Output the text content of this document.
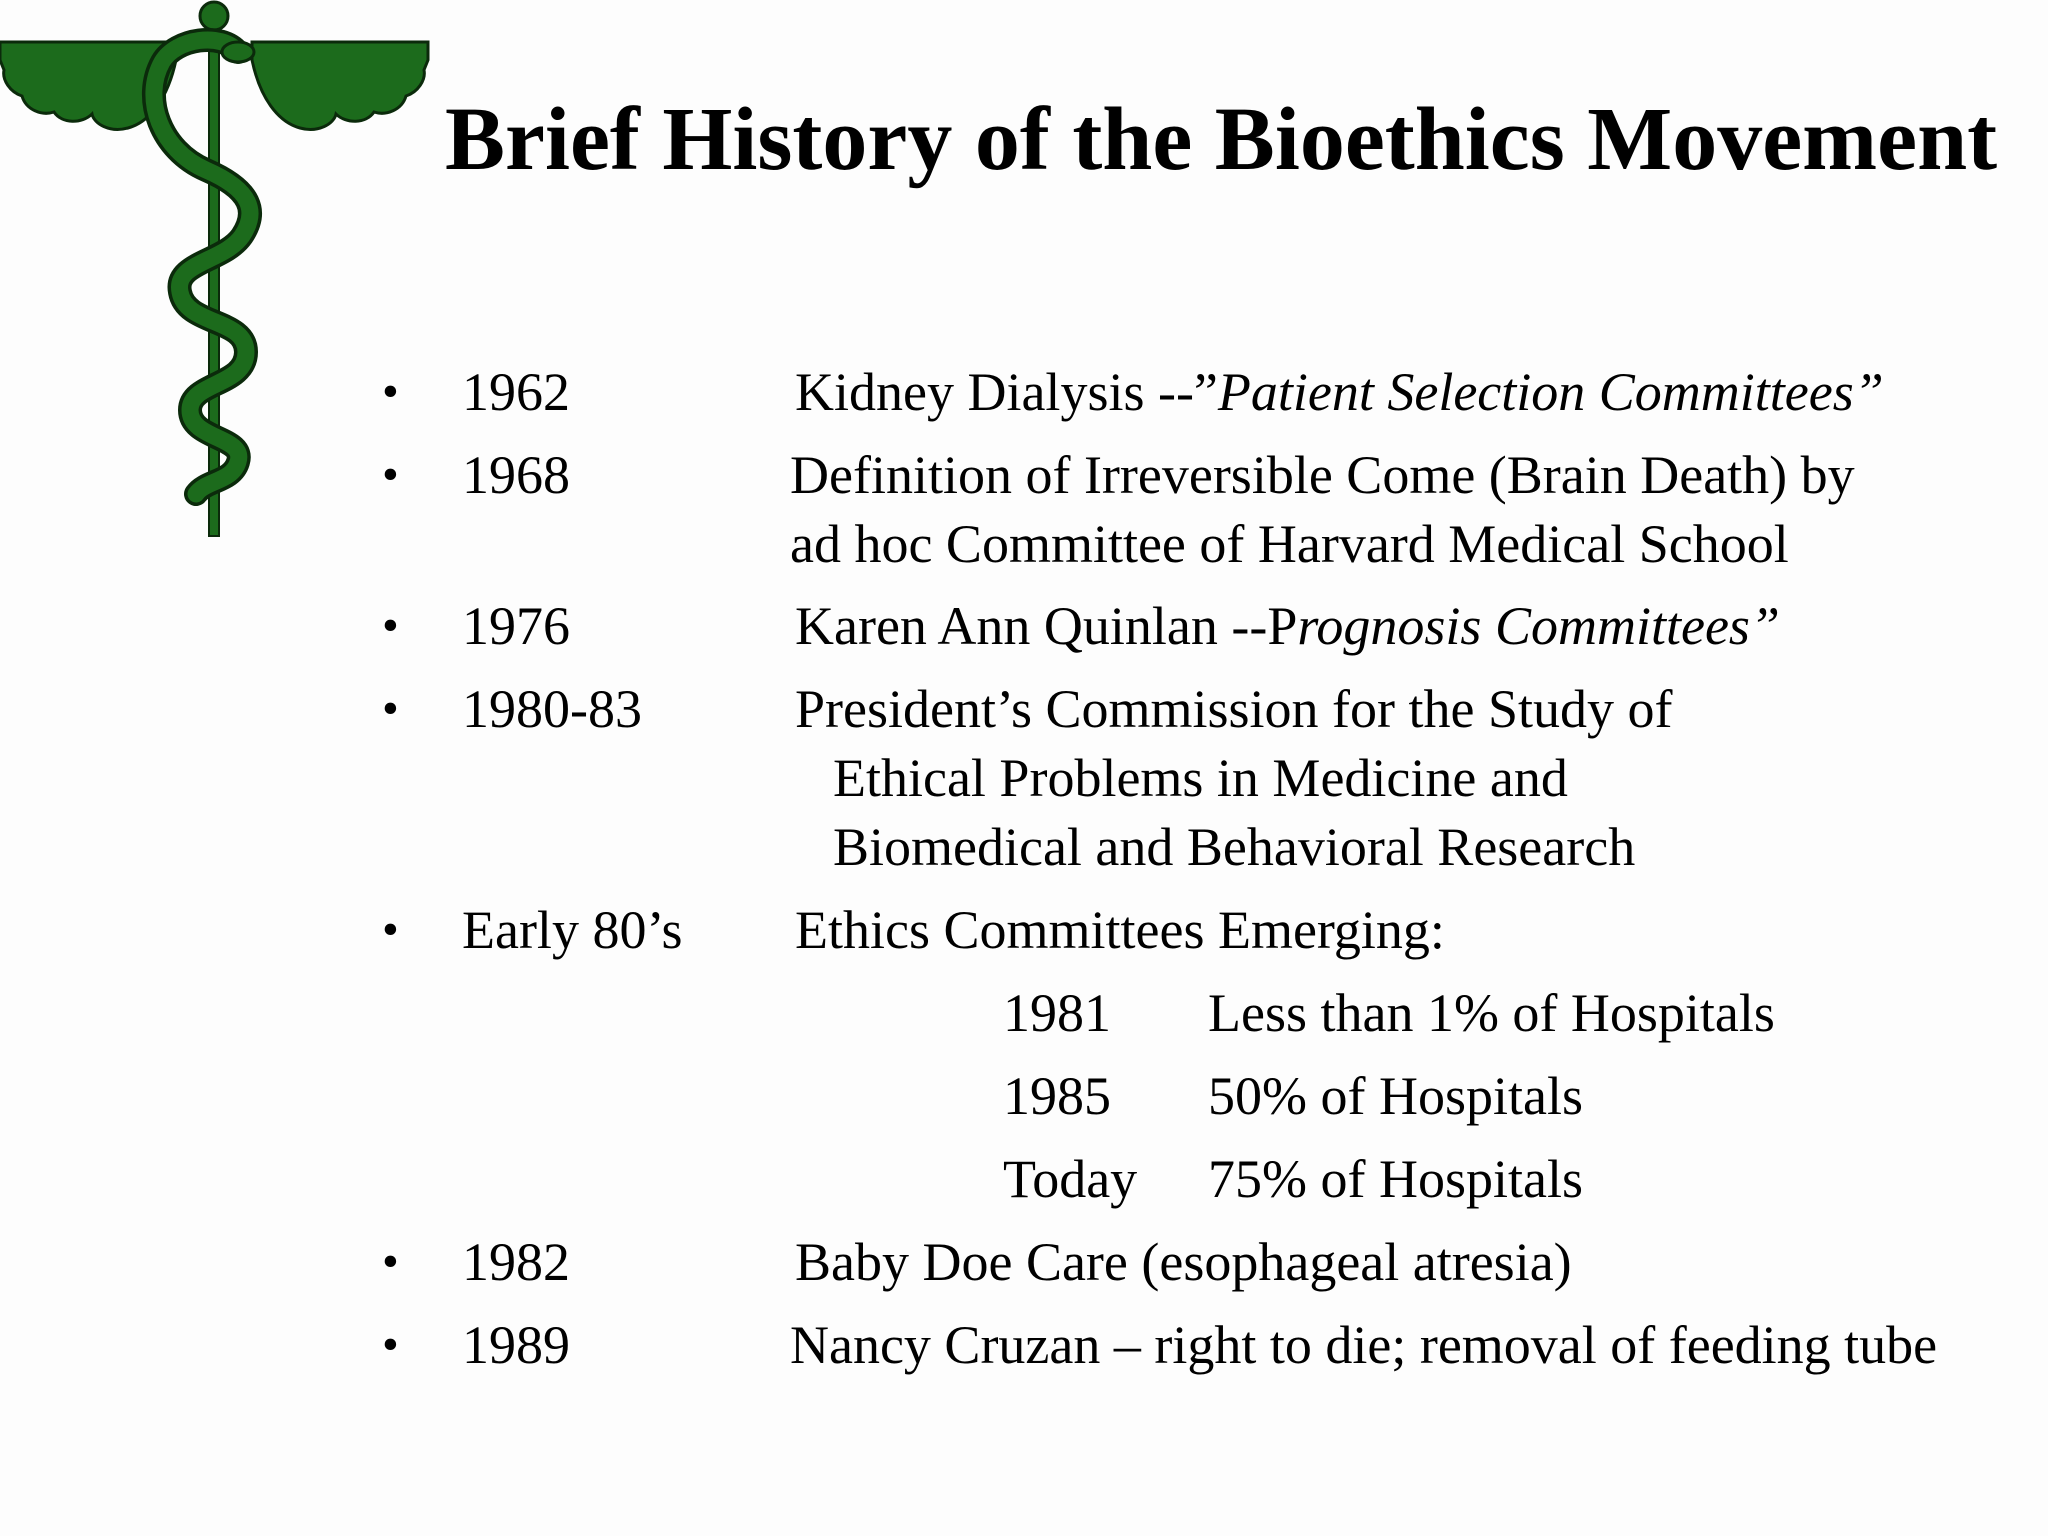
Brief History of the Bioethics Movement
• 1962	Kidney Dialysis --”Patient Selection Committees”
• 1968	Definition of Irreversible Come (Brain Death) by
ad hoc Committee of Harvard Medical School
• 1976	Karen Ann Quinlan --Prognosis Committees”
• 1980-83	President’s Commission for the Study of
Ethical Problems in Medicine and
Biomedical and Behavioral Research
• Early 80’s Ethics Committees Emerging:
1981 Less than 1% of Hospitals
1985 50% of Hospitals
Today 75% of Hospitals
• 1982	Baby Doe Care (esophageal atresia)
• 1989	Nancy Cruzan – right to die; removal of feeding tube
